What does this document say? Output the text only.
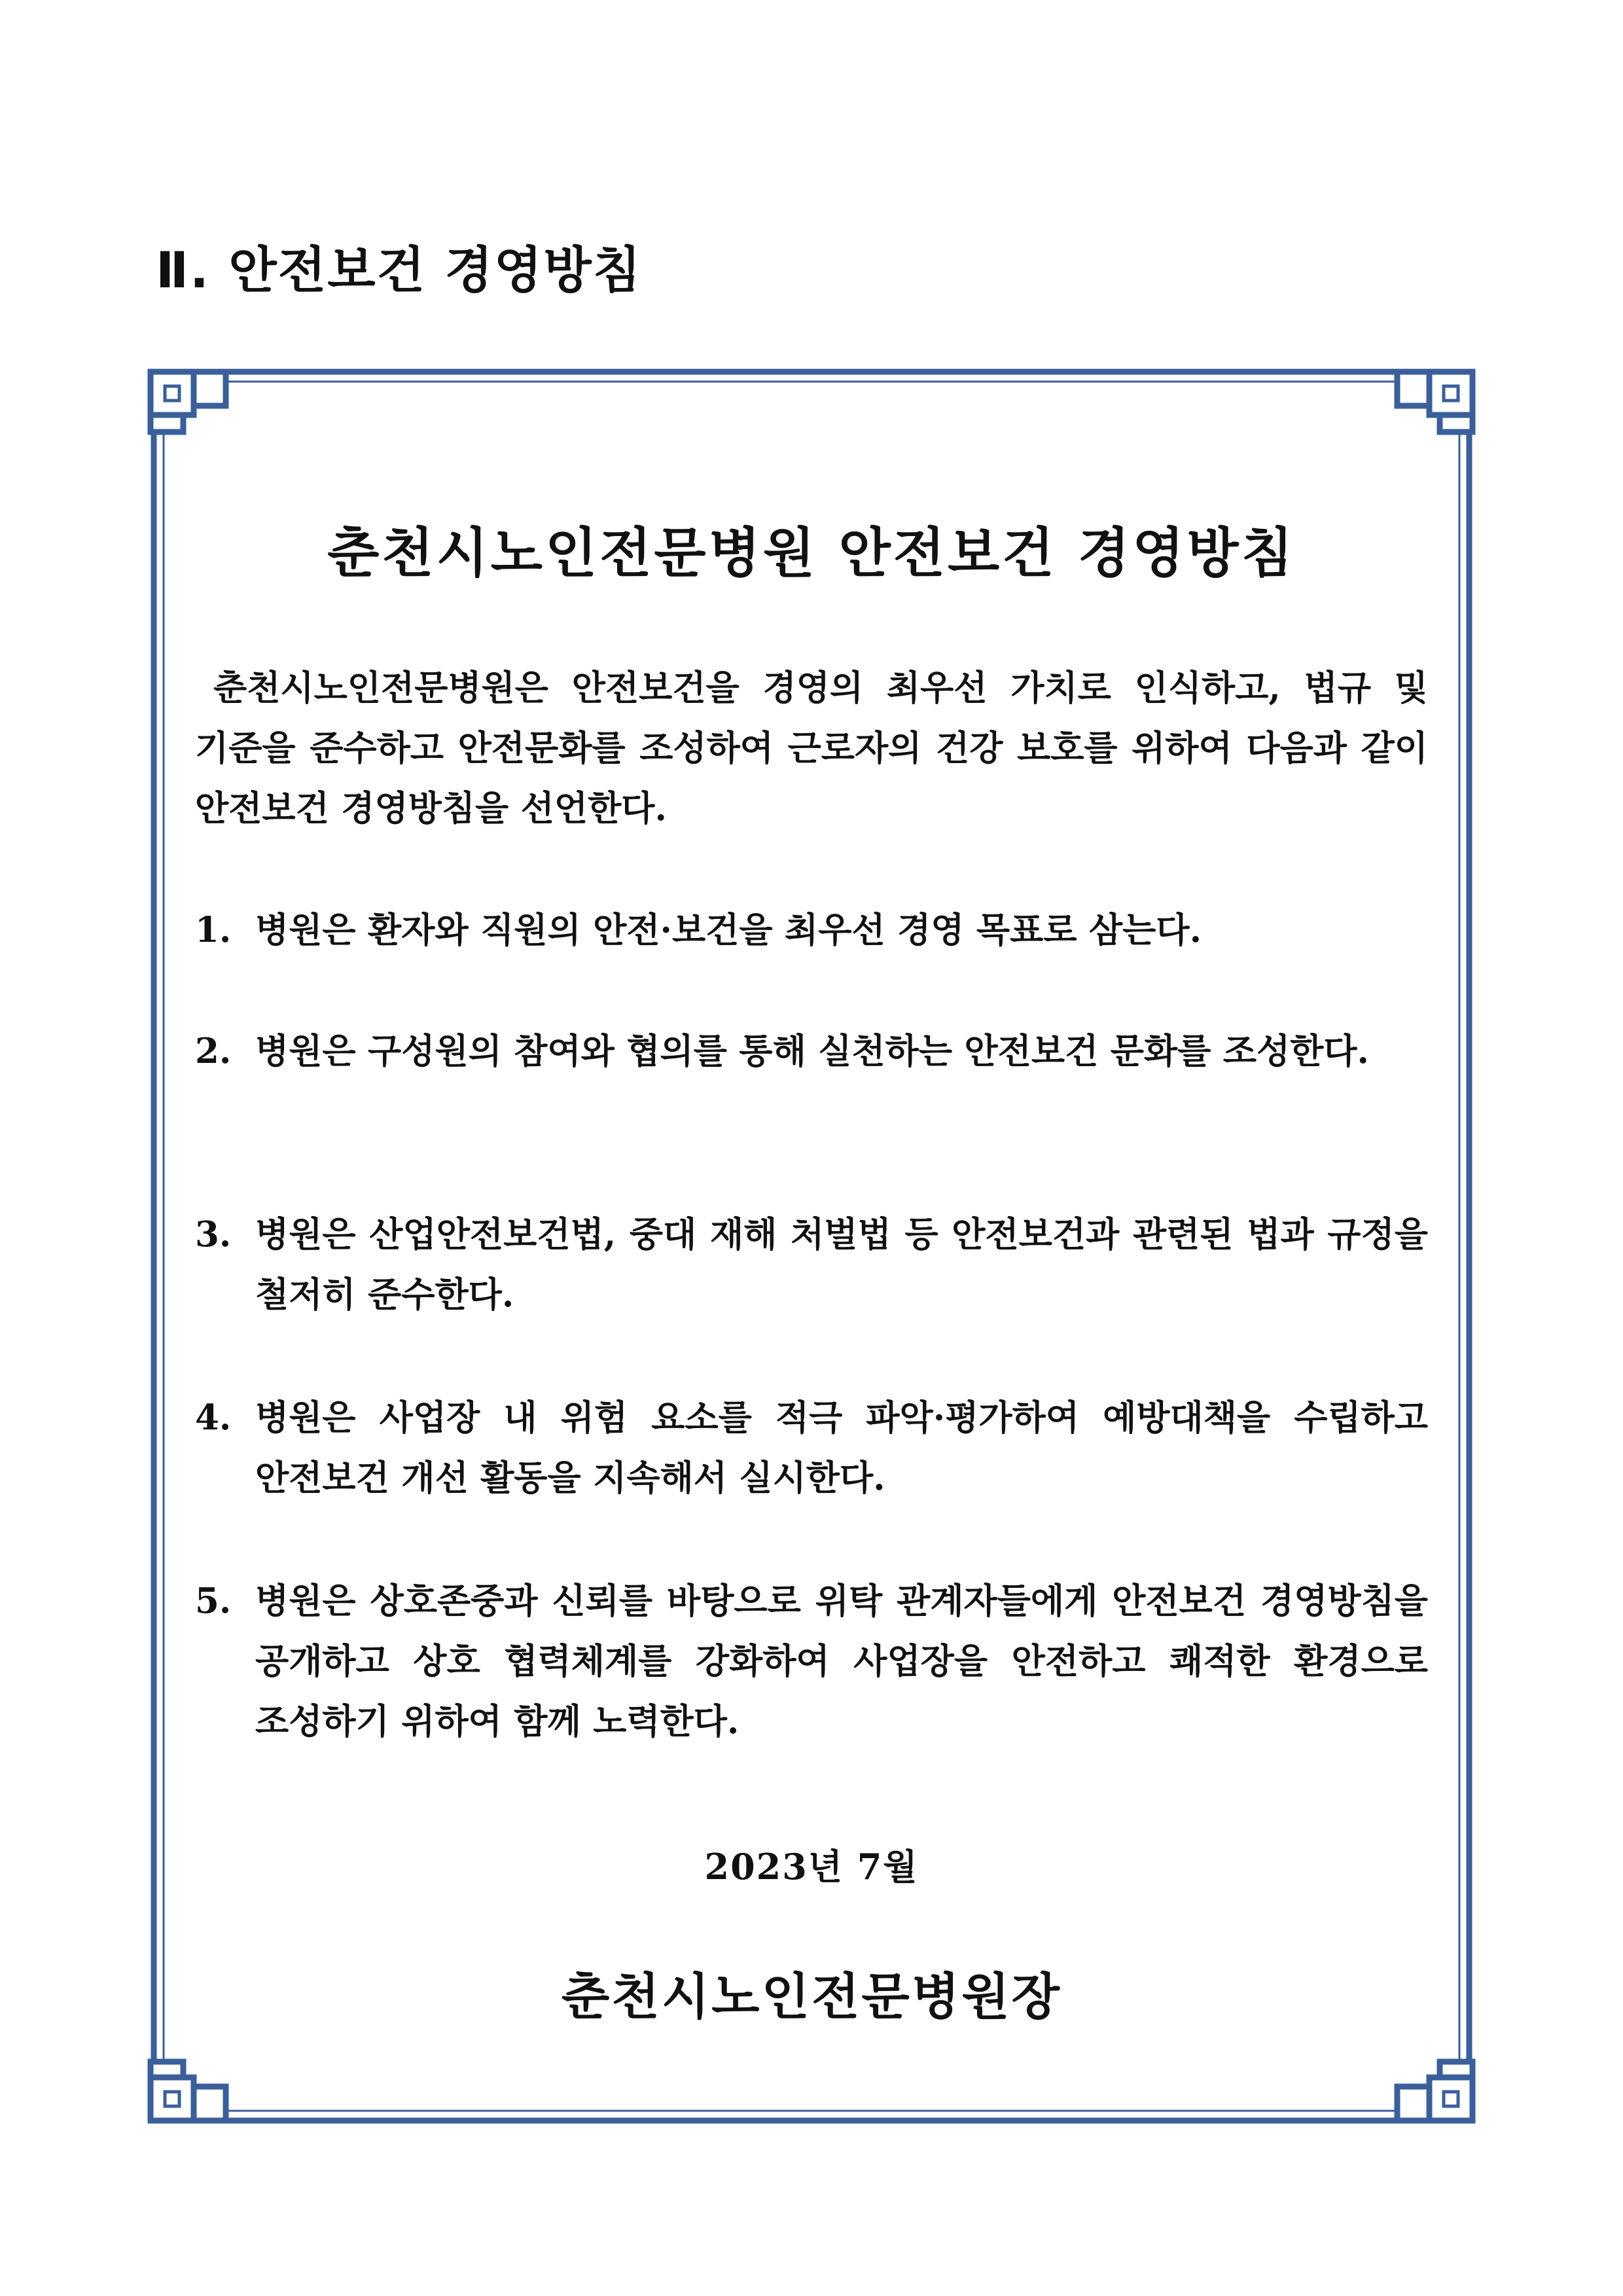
Ⅱ. 안전보건 경영방침
춘천시노인전문병원 안전보건 경영방침
춘천시노인전문병원은 안전보건을 경영의 최우선 가치로 인식하고, 법규 및 기준을 준수하고 안전문화를 조성하여 근로자의 건강 보호를 위하여 다음과 같이 안전보건 경영방침을 선언한다.
1. 병원은 환자와 직원의 안전·보건을 최우선 경영 목표로 삼는다.
2. 병원은 구성원의 참여와 협의를 통해 실천하는 안전보건 문화를 조성한다.
3. 병원은 산업안전보건법, 중대 재해 처벌법 등 안전보건과 관련된 법과 규정을 철저히 준수한다.
4. 병원은 사업장 내 위험 요소를 적극 파악·평가하여 예방대책을 수립하고 안전보건 개선 활동을 지속해서 실시한다.
5. 병원은 상호존중과 신뢰를 바탕으로 위탁 관계자들에게 안전보건 경영방침을 공개하고 상호 협력체계를 강화하여 사업장을 안전하고 쾌적한 환경으로 조성하기 위하여 함께 노력한다.
2023년 7월
춘천시노인전문병원장
